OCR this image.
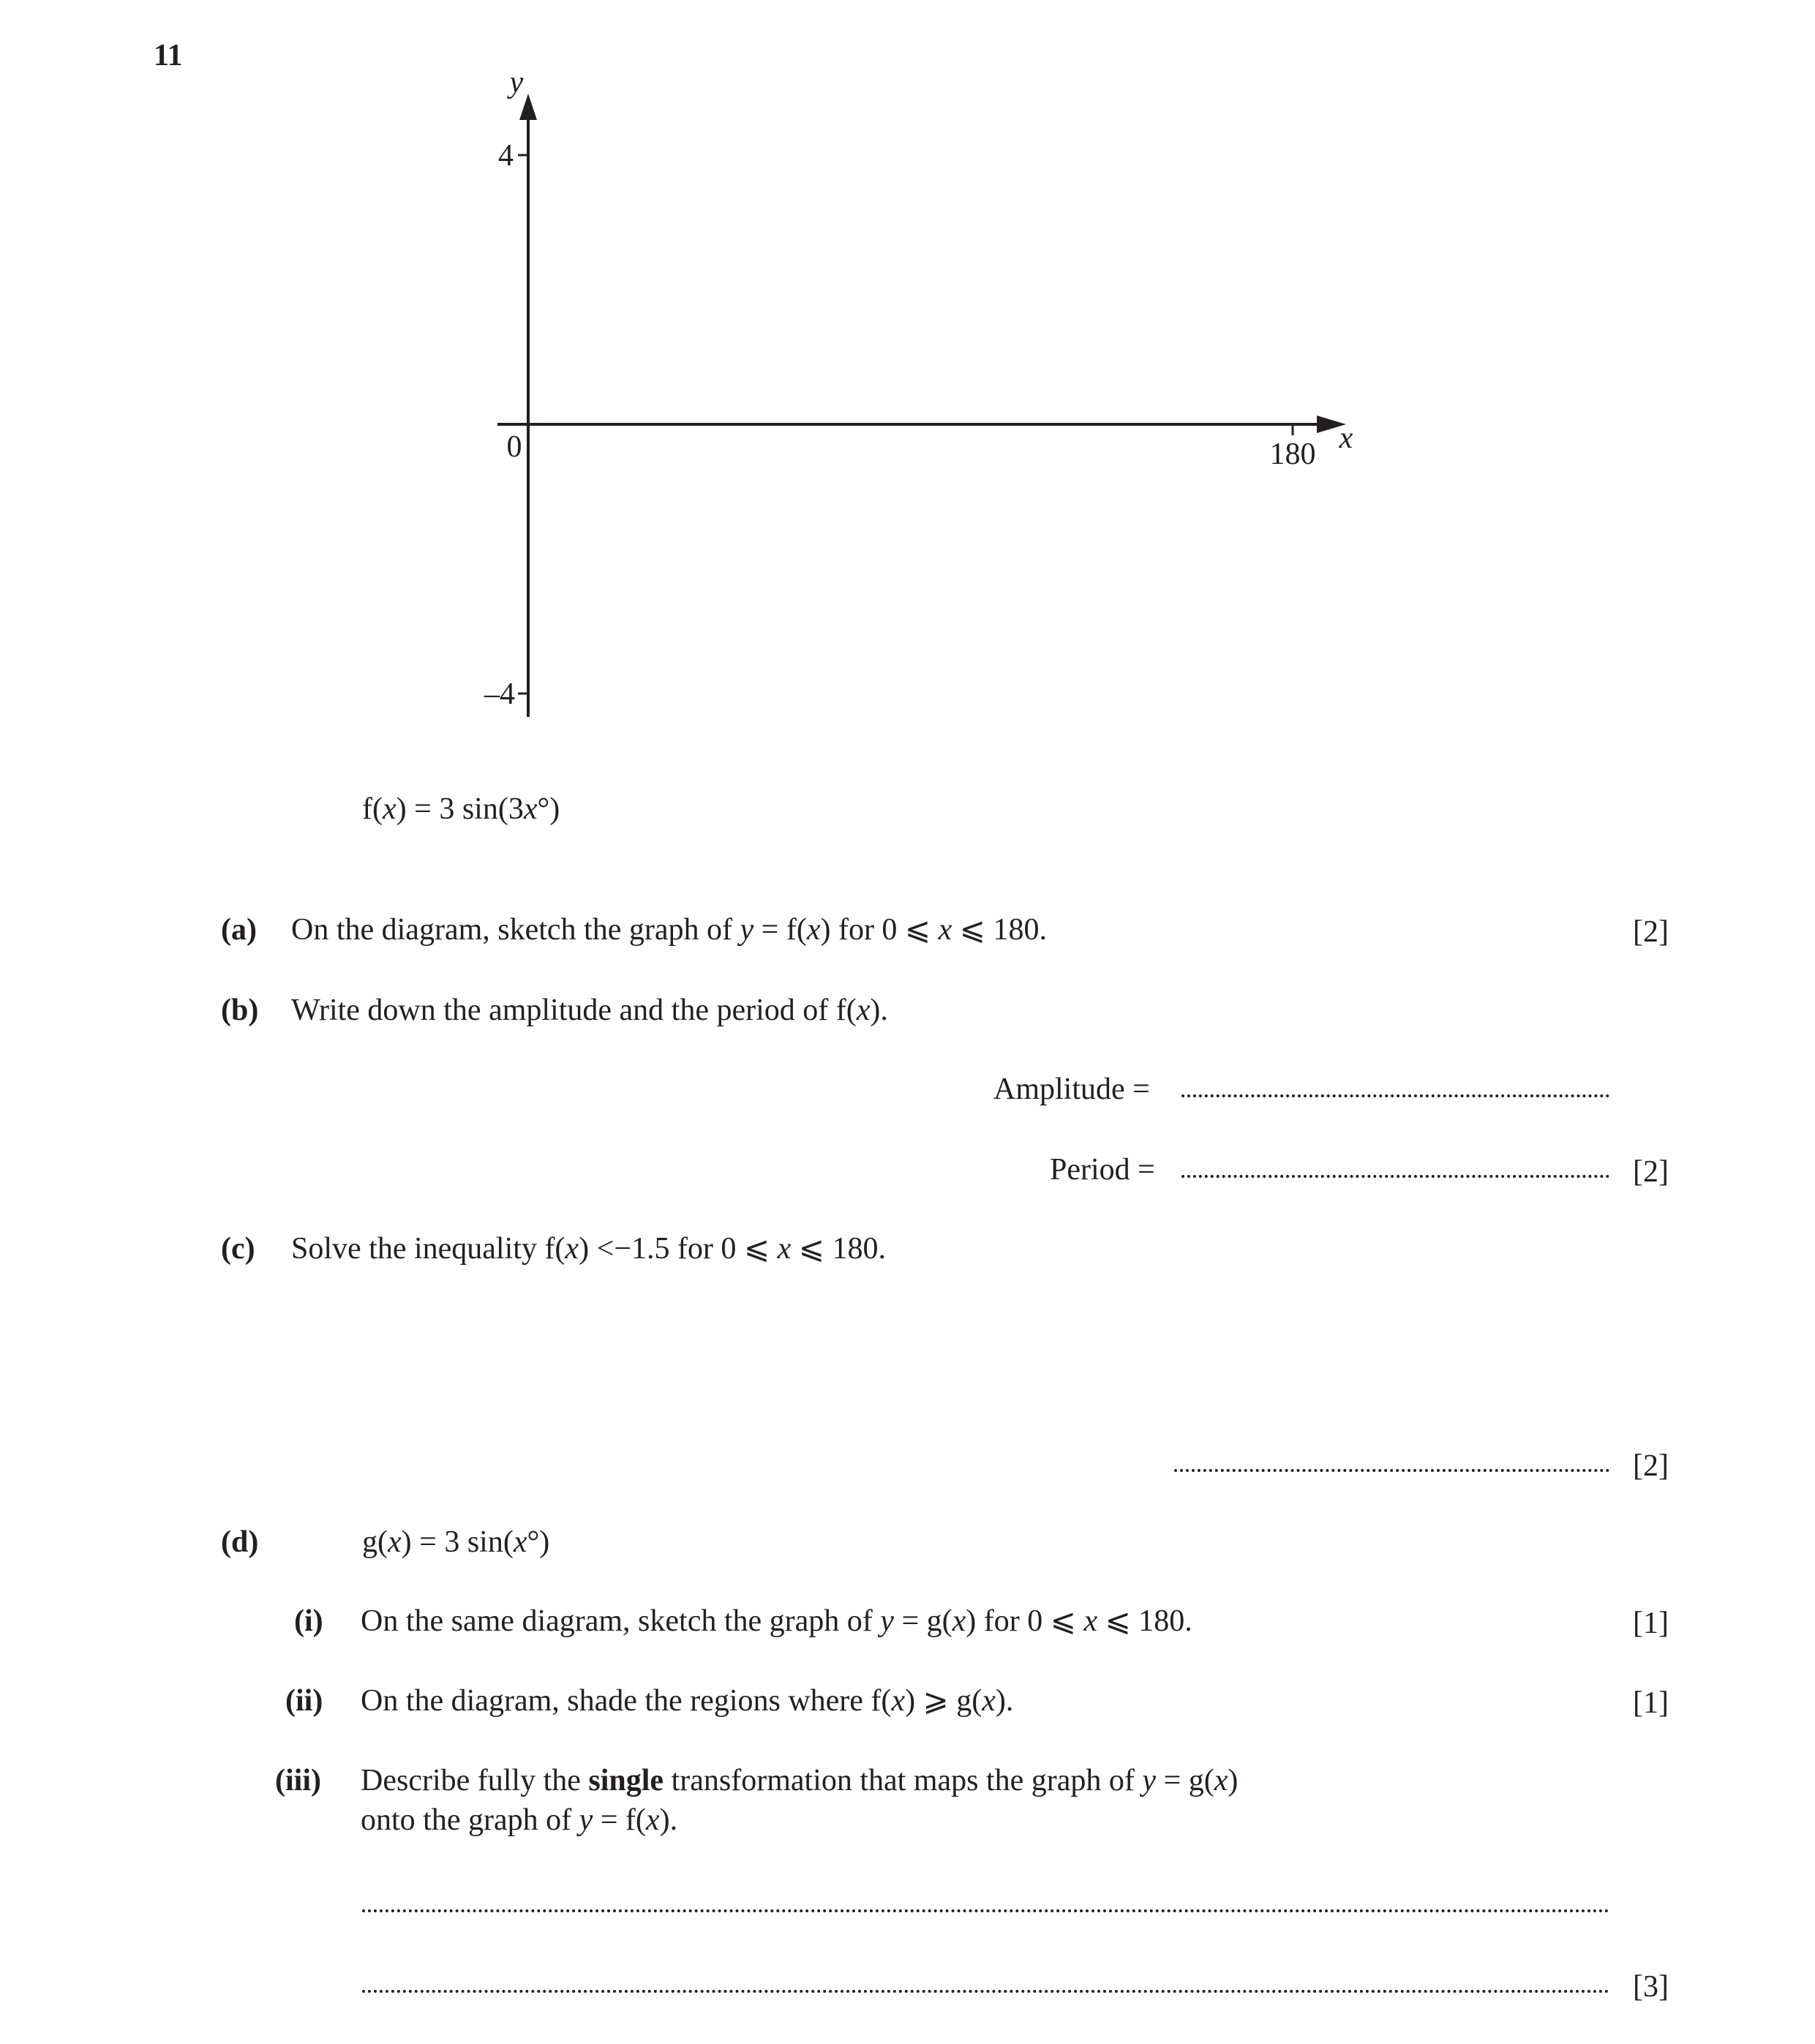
11
y
x
4
–4
0	180
f(x) = 3 sin(3x°)
(a) On the diagram, sketch the graph of y = f(x) for 0 ⩽ x ⩽ 180.	[2]
(b) Write down the amplitude and the period of f(x).
Amplitude =
Period =	[2]
(c) Solve the inequality f(x) <−1.5 for 0 ⩽ x ⩽ 180.
[2]
(d)	g(x) = 3 sin(x°)
(i) On the same diagram, sketch the graph of y = g(x) for 0 ⩽ x ⩽ 180.	[1]
(ii) On the diagram, shade the regions where f(x) ⩾ g(x).	[1]
(iii) Describe fully the single transformation that maps the graph of y = g(x)
onto the graph of y = f(x).
[3]
